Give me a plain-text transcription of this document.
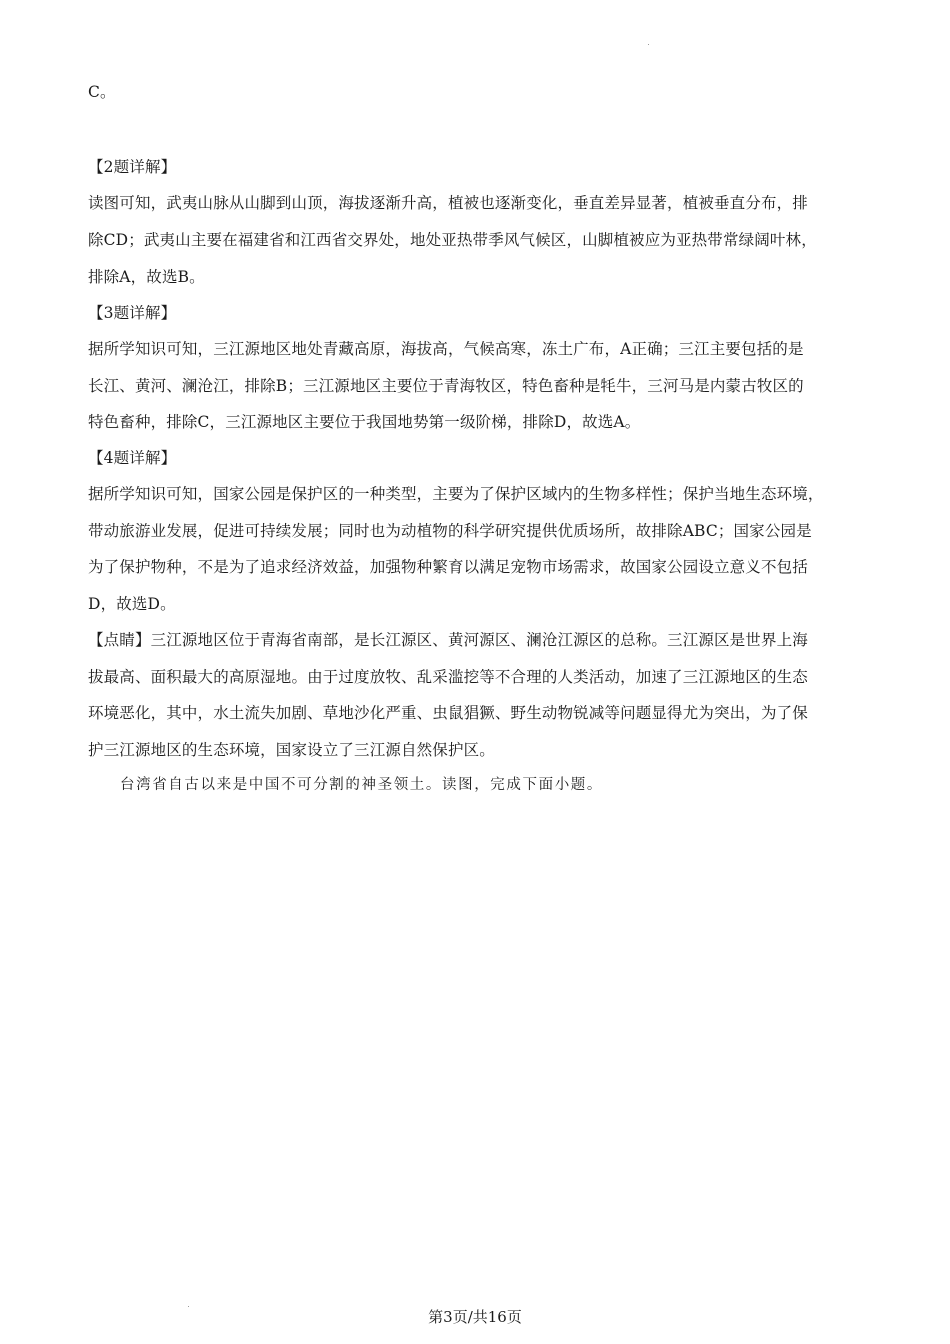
C。
【2题详解】
读图可知，武夷山脉从山脚到山顶，海拔逐渐升高，植被也逐渐变化，垂直差异显著，植被垂直分布，排
除CD；武夷山主要在福建省和江西省交界处，地处亚热带季风气候区，山脚植被应为亚热带常绿阔叶林，
排除A，故选B。
【3题详解】
据所学知识可知，三江源地区地处青藏高原，海拔高，气候高寒，冻土广布，A正确；三江主要包括的是
长江、黄河、澜沧江，排除B；三江源地区主要位于青海牧区，特色畜种是牦牛，三河马是内蒙古牧区的
特色畜种，排除C，三江源地区主要位于我国地势第一级阶梯，排除D，故选A。
【4题详解】
据所学知识可知，国家公园是保护区的一种类型，主要为了保护区域内的生物多样性；保护当地生态环境，
带动旅游业发展，促进可持续发展；同时也为动植物的科学研究提供优质场所，故排除ABC；国家公园是
为了保护物种，不是为了追求经济效益，加强物种繁育以满足宠物市场需求，故国家公园设立意义不包括
D，故选D。
【点睛】三江源地区位于青海省南部，是长江源区、黄河源区、澜沧江源区的总称。三江源区是世界上海
拔最高、面积最大的高原湿地。由于过度放牧、乱采滥挖等不合理的人类活动，加速了三江源地区的生态
环境恶化，其中，水土流失加剧、草地沙化严重、虫鼠猖獗、野生动物锐减等问题显得尤为突出，为了保
护三江源地区的生态环境，国家设立了三江源自然保护区。
台湾省自古以来是中国不可分割的神圣领土。读图，完成下面小题。
第3页/共16页
